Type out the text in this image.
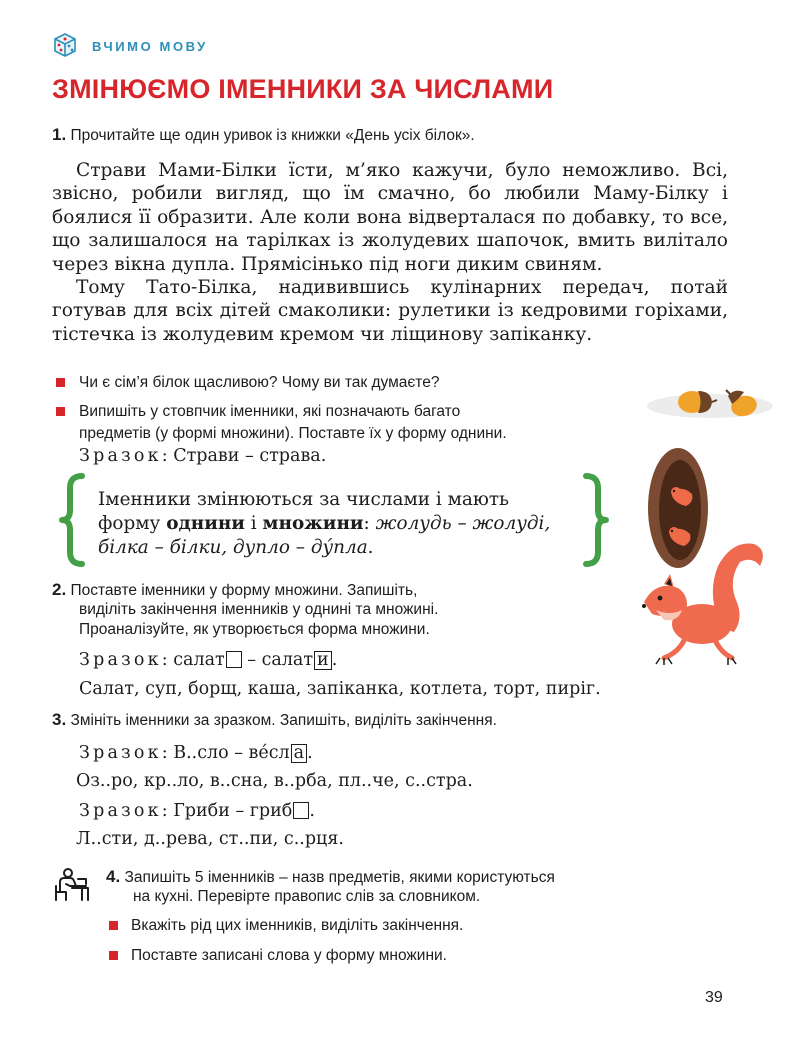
ВЧИМО МОВУ
ЗМІНЮЄМО ІМЕННИКИ ЗА ЧИСЛАМИ
1. Прочитайте ще один уривок із книжки «День усіх білок».

Страви Мами-Білки їсти, м’яко кажучи, було неможливо. Всі, звісно, робили вигляд, що їм смачно, бо любили Маму-Білку і боялися її образити. Але коли вона відверталася по добавку, то все, що залишалося на тарілках із жолудевих шапочок, вмить вилітало через вікна дупла. Прямісінько під ноги диким свиням.

Тому Тато-Білка, надивившись кулінарних передач, потай готував для всіх дітей смаколики: рулетики із кедровими горіхами, тістечка із жолудевим кремом чи ліщинову запіканку.

Чи є сім’я білок щасливою? Чому ви так думаєте?
Випишіть у стовпчик іменники, які позначають багато
предметів (у формі множини). Поставте їх у форму однини.
Зразок: Страви – страва.
Іменники змінюються за числами і мають
форму однини і множини: жолудь – жолуді,
білка – білки, дупло – ду́пла.
2. Поставте іменники у форму множини. Запишіть,
виділіть закінчення іменників у однині та множині.
Проаналізуйте, як утворюється форма множини.
Зразок: салат – салат и .
Салат, суп, борщ, каша, запіканка, котлета, торт, пиріг.
3. Змініть іменники за зразком. Запишіть, виділіть закінчення.
Зразок: В..сло – ве́сл а .
Оз..ро, кр..ло, в..сна, в..рба, пл..че, с..стра.
Зразок: Гриби – гриб .
Л..сти, д..рева, ст..пи, с..рця.
4. Запишіть 5 іменників – назв предметів, якими користуються
на кухні. Перевірте правопис слів за словником.
Вкажіть рід цих іменників, виділіть закінчення.
Поставте записані слова у форму множини.
39
